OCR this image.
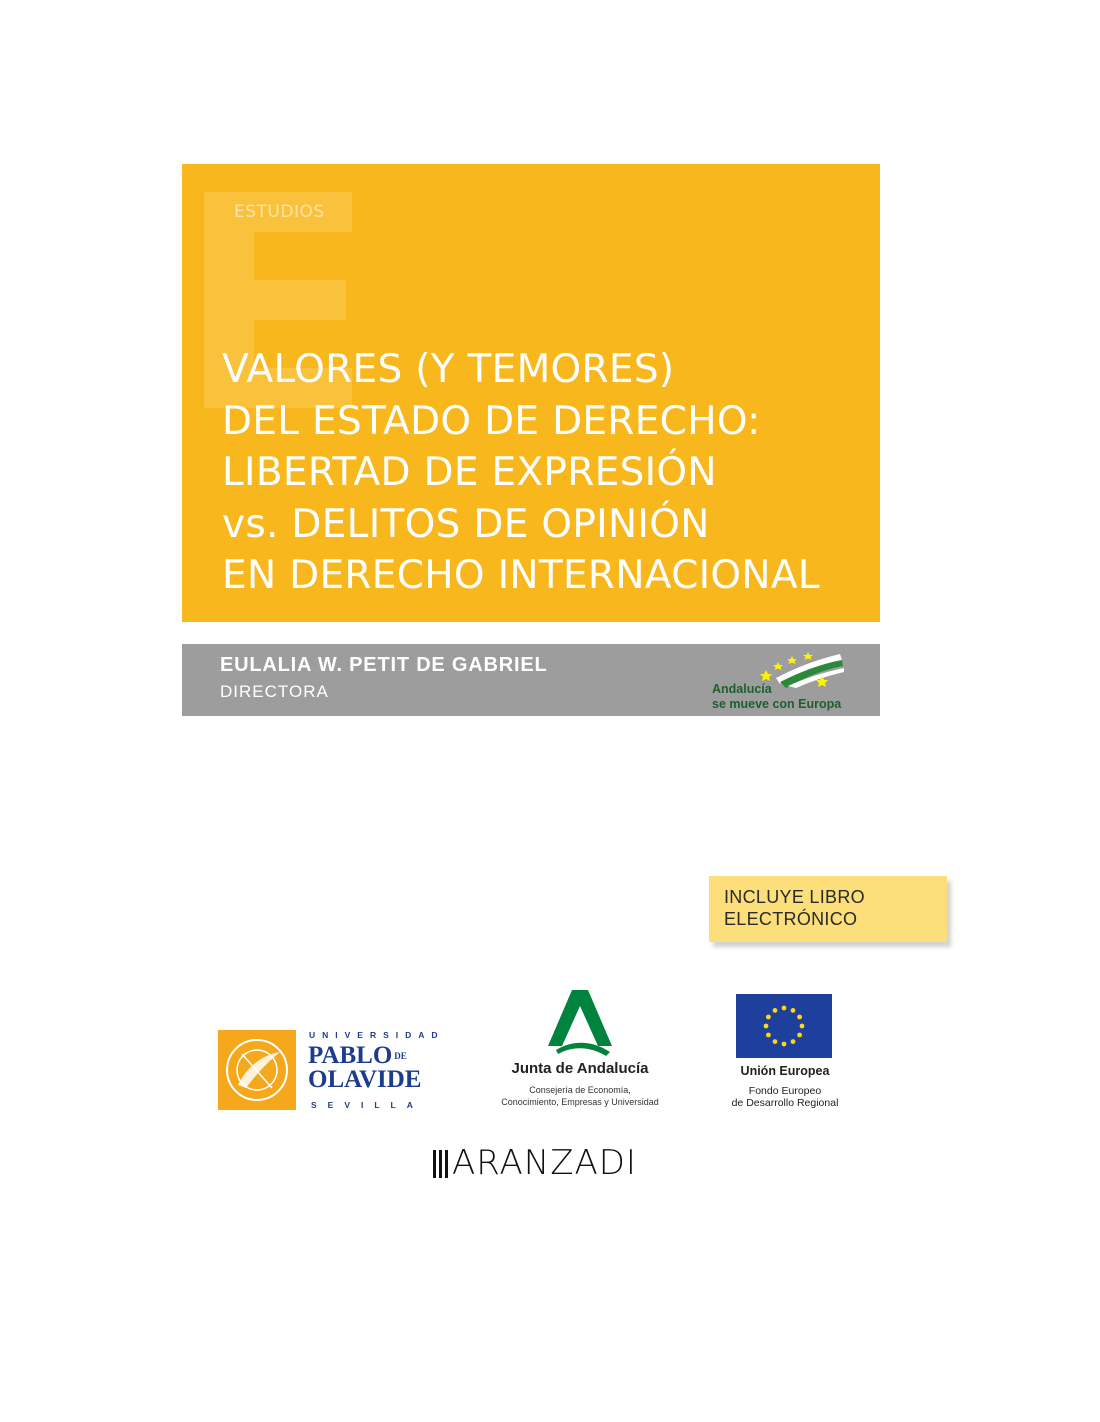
ESTUDIOS
VALORES (Y TEMORES)
DEL ESTADO DE DERECHO:
LIBERTAD DE EXPRESIÓN
vs. DELITOS DE OPINIÓN
EN DERECHO INTERNACIONAL
EULALIA W. PETIT DE GABRIEL
DIRECTORA	Andalucía
se mueve con Europa
INCLUYE LIBRO
ELECTRÓNICO
UNIVERSIDAD
PABLO $^{DE}$
OLAVIDE
SEVILLA
Junta de Andalucía
Consejería de Economía,
Conocimiento, Empresas y Universidad
Unión Europea
Fondo Europeo
de Desarrollo Regional
ARANZADI
